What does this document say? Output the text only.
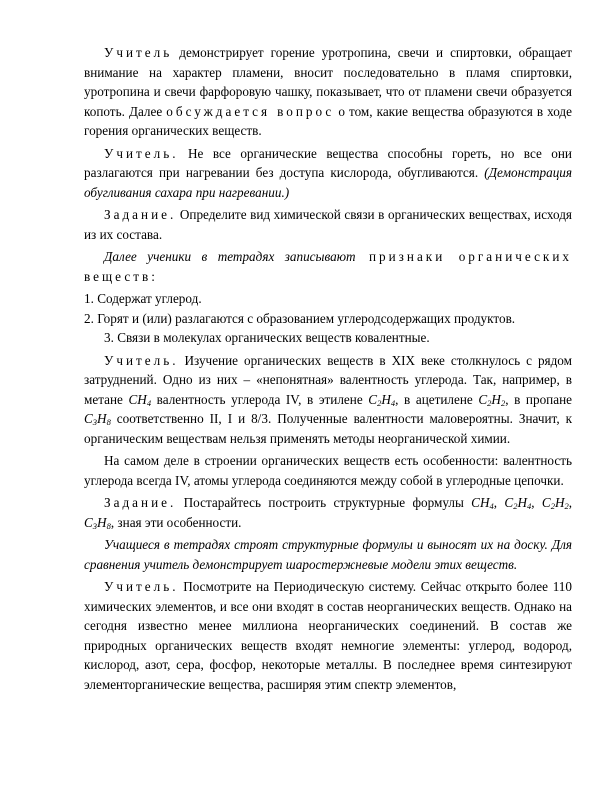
Учитель демонстрирует горение уротропина, свечи и спиртовки, обращает внимание на характер пламени, вносит последовательно в пламя спиртовки, уротропина и свечи фарфоровую чашку, показывает, что от пламени свечи образуется копоть. Далее обсуждается вопрос о том, какие вещества образуются в ходе горения органических веществ.

Учитель. Не все органические вещества способны гореть, но все они разлагаются при нагревании без доступа кислорода, обугливаются. (Демонстрация обугливания сахара при нагревании.)

Задание. Определите вид химической связи в органических веществах, исходя из их состава.

Далее ученики в тетрадях записывают признаки органических веществ:

1. Содержат углерод.

2. Горят и (или) разлагаются с образованием углеродсодержащих продуктов.

3. Связи в молекулах органических веществ ковалентные.

Учитель. Изучение органических веществ в XIX веке столкнулось с рядом затруднений. Одно из них – «непонятная» валентность углерода. Так, например, в метане $CH_4$ валентность углерода IV, в этилене $C_2H_4$, в ацетилене $C_2H_2$, в пропане $C_3H_8$ соответственно II, I и 8/3. Полученные валентности маловероятны. Значит, к органическим веществам нельзя применять методы неорганической химии.

На самом деле в строении органических веществ есть особенности: валентность углерода всегда IV, атомы углерода соединяются между собой в углеродные цепочки.

Задание. Постарайтесь построить структурные формулы $CH_4$, $C_2H_4$, $C_2H_2$, $C_3H_8$, зная эти особенности.

Учащиеся в тетрадях строят структурные формулы и выносят их на доску. Для сравнения учитель демонстрирует шаростержневые модели этих веществ.

Учитель. Посмотрите на Периодическую систему. Сейчас открыто более 110 химических элементов, и все они входят в состав неорганических веществ. Однако на сегодня известно менее миллиона неорганических соединений. В состав же природных органических веществ входят немногие элементы: углерод, водород, кислород, азот, сера, фосфор, некоторые металлы. В последнее время синтезируют элементорганические вещества, расширяя этим спектр элементов,
